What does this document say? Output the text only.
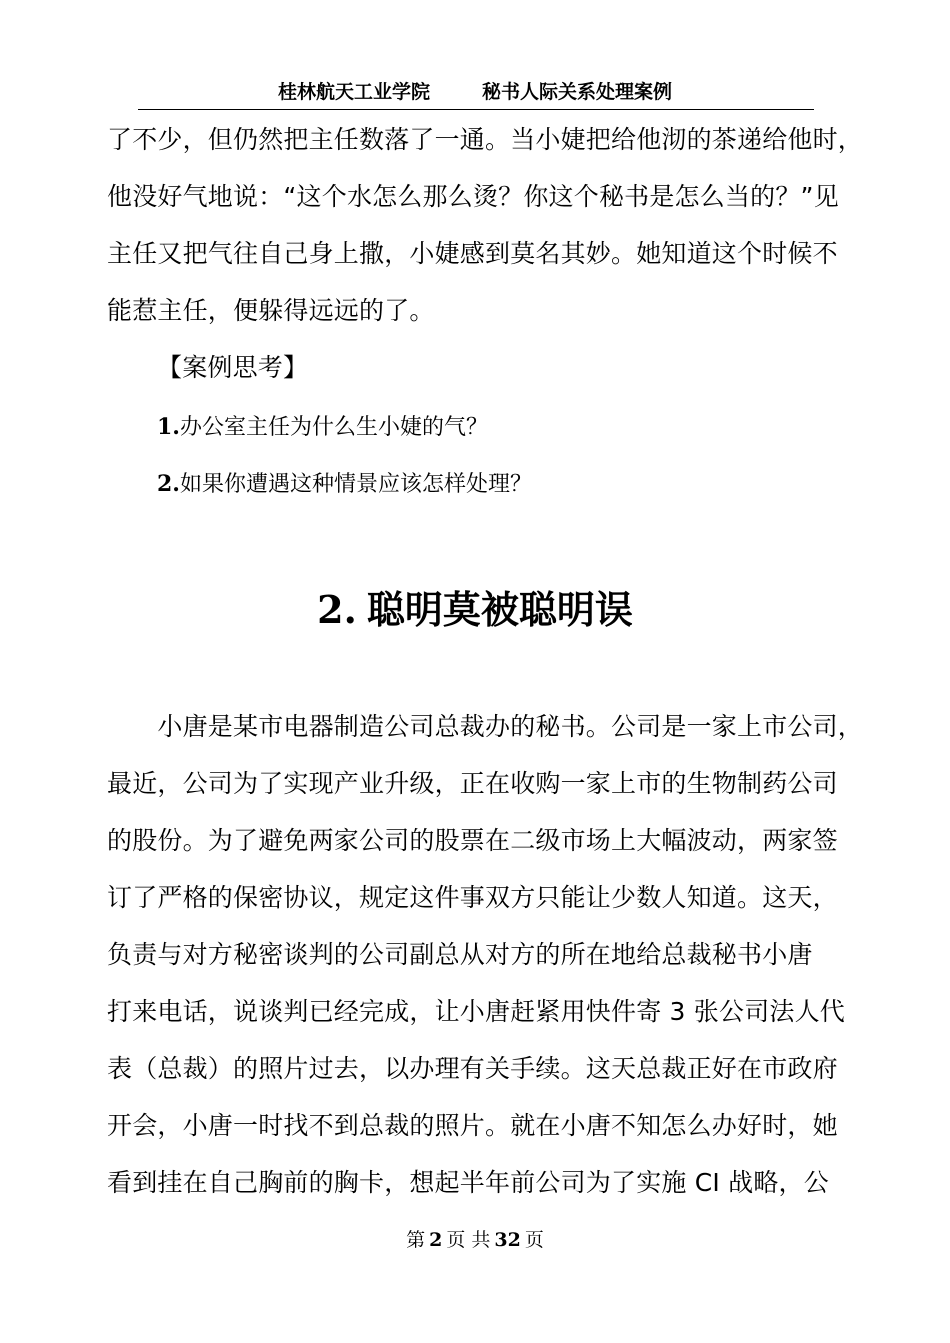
桂林航天工业学院	秘书人际关系处理案例
了不少，但仍然把主任数落了一通。当小婕把给他沏的茶递给他时，
他没好气地说：“这个水怎么那么烫？你这个秘书是怎么当的？”见
主任又把气往自己身上撒，小婕感到莫名其妙。她知道这个时候不
能惹主任，便躲得远远的了。
【案例思考】
1.办公室主任为什么生小婕的气？
2.如果你遭遇这种情景应该怎样处理？
2. 聪明莫被聪明误
　　小唐是某市电器制造公司总裁办的秘书。公司是一家上市公司，
最近，公司为了实现产业升级，正在收购一家上市的生物制药公司
的股份。为了避免两家公司的股票在二级市场上大幅波动，两家签
订了严格的保密协议，规定这件事双方只能让少数人知道。这天，
负责与对方秘密谈判的公司副总从对方的所在地给总裁秘书小唐
打来电话，说谈判已经完成，让小唐赶紧用快件寄 3 张公司法人代
表（总裁）的照片过去，以办理有关手续。这天总裁正好在市政府
开会，小唐一时找不到总裁的照片。就在小唐不知怎么办好时，她
看到挂在自己胸前的胸卡，想起半年前公司为了实施 CI 战略，公
第 2 页 共 32 页
